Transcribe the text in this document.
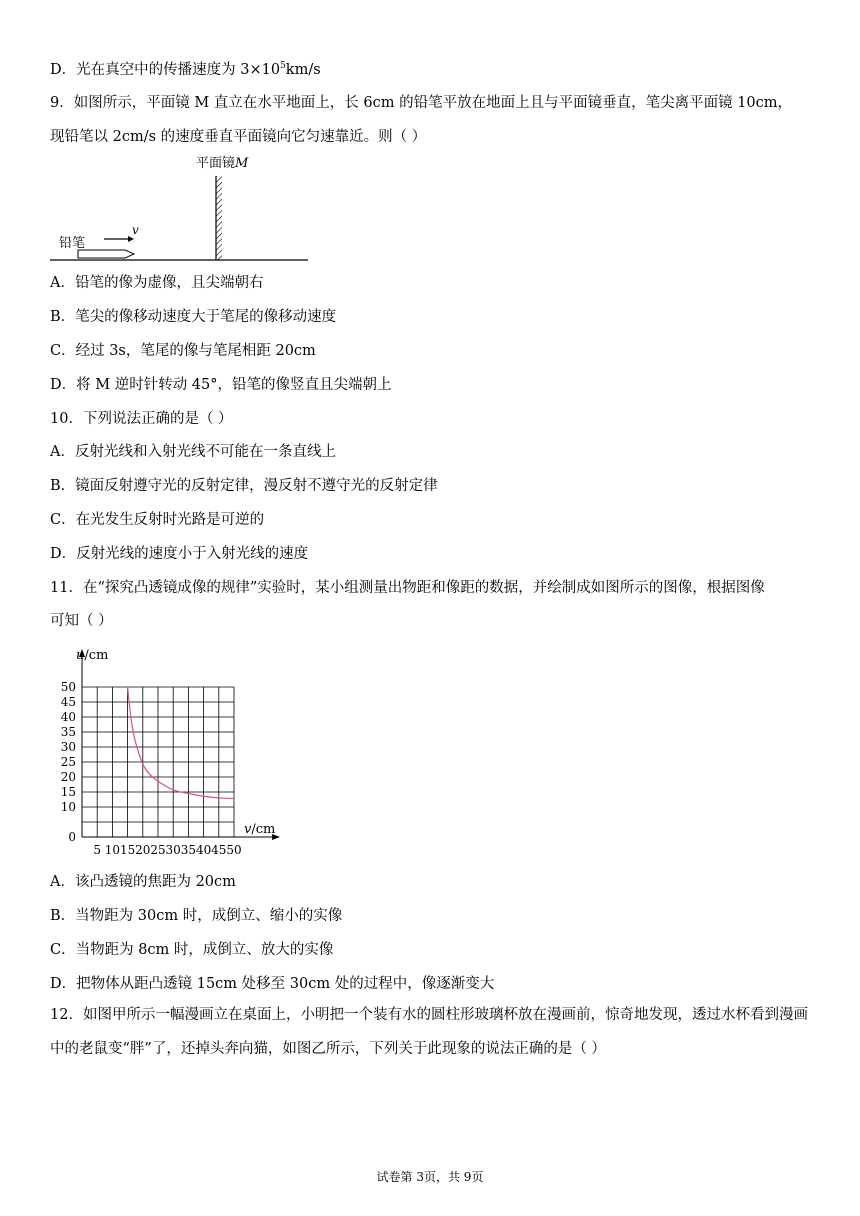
D．光在真空中的传播速度为 $3\times 10^5km/s$
9．如图所示，平面镜 M 直立在水平地面上，长 6cm 的铅笔平放在地面上且与平面镜垂直，笔尖离平面镜 10cm，
现铅笔以 2cm/s 的速度垂直平面镜向它匀速靠近。则（ ）
平面镜M
铅笔
v
A．铅笔的像为虚像，且尖端朝右
B．笔尖的像移动速度大于笔尾的像移动速度
C．经过 3s，笔尾的像与笔尾相距 20cm
D．将 M 逆时针转动 45°，铅笔的像竖直且尖端朝上
10．下列说法正确的是（ ）
A．反射光线和入射光线不可能在一条直线上
B．镜面反射遵守光的反射定律，漫反射不遵守光的反射定律
C．在光发生反射时光路是可逆的
D．反射光线的速度小于入射光线的速度
11．在“探究凸透镜成像的规律”实验时，某小组测量出物距和像距的数据，并绘制成如图所示的图像，根据图像
可知（ ）
0
10
15
20
25
30
35
40
45
50
5 10 15 20 25 30 35 40 45 50
u/cm
v/cm
A．该凸透镜的焦距为 20cm
B．当物距为 30cm 时，成倒立、缩小的实像
C．当物距为 8cm 时，成倒立、放大的实像
D．把物体从距凸透镜 15cm 处移至 30cm 处的过程中，像逐渐变大
12．如图甲所示一幅漫画立在桌面上，小明把一个装有水的圆柱形玻璃杯放在漫画前，惊奇地发现，透过水杯看到漫画中的老鼠变“胖”了，还掉头奔向猫，如图乙所示，下列关于此现象的说法正确的是（ ）
试卷第 3页，共 9页
